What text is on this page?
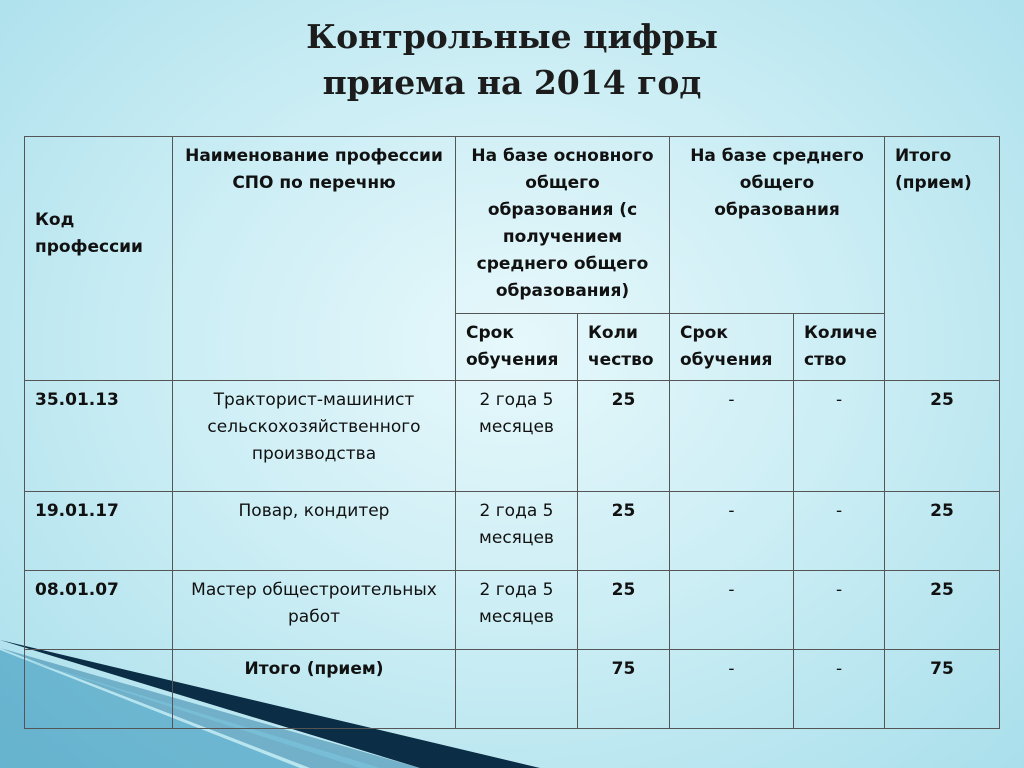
Контрольные цифры
приема на 2014 год
Код профессии	Наименование профессии СПО по перечню	На базе основного общего образования (с получением среднего общего образования)		На базе среднего общего образования		Итого (прием)
		Срок обучения	Коли чество	Срок обучения	Количе ство	
35.01.13	Тракторист-машинист сельскохозяйственного производства	2 года 5 месяцев	25	-	-	25
19.01.17	Повар, кондитер	2 года 5 месяцев	25	-	-	25
08.01.07	Мастер общестроительных работ	2 года 5 месяцев	25	-	-	25
	Итого (прием)		75	-	-	75
